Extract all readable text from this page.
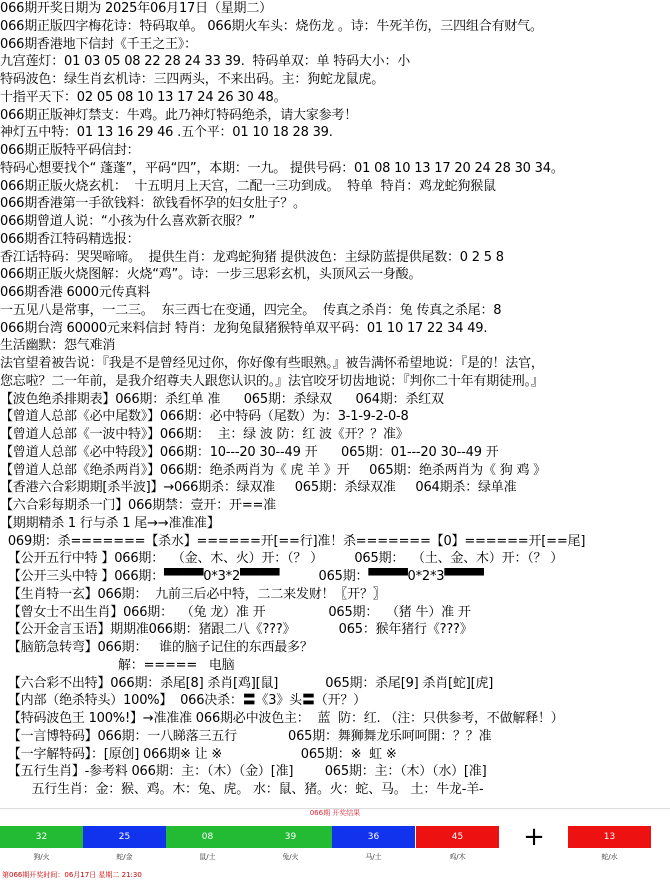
066期开奖日期为 2025年06月17日（星期二）
066期正版四字梅花诗：特码取单。 066期火车头：烧伤龙 。诗：牛死羊伤，三四组合有财气。
066期香港地下信封《千王之王》：
九宫莲灯：01 03 05 08 22 28 24 33 39.  特码单双：单 特码大小：小
特码波色：绿生肖玄机诗：三四两头，不来出码。主：狗蛇龙鼠虎。
十指平天下：02 05 08 10 13 17 24 26 30 48。
066期正版神灯禁支：牛鸡。此乃神灯特码绝杀，请大家参考！
神灯五中特：01 13 16 29 46 .五个平：01 10 18 28 39.
066期正版特平码信封：
特码心想要找个“ 蓬蓬”，平码“四”，本期：一九。 提供号码：01 08 10 13 17 20 24 28 30 34。
066期正版火烧玄机：  十五明月上天宫，二配一三功到成。  特单  特肖：鸡龙蛇狗猴鼠
066期香港第一手欲钱料：欲钱看怀孕的妇女肚子？。
066期曾道人说：“小孩为什么喜欢新衣服？”
066期香江特码精选报：
香江话特码：哭哭啼啼。  提供生肖：龙鸡蛇狗猪 提供波色：主绿防蓝提供尾数：0 2 5 8
066期正版火烧图解：火烧“鸡”。诗：一步三思彩玄机，头顶风云一身酸。
066期香港 6000元传真料
一五见八是常事，一二三。  东三西七在变通，四完全。  传真之杀肖：兔 传真之杀尾：8
066期台湾 60000元来料信封 特肖：龙狗兔鼠猪猴特单双平码：01 10 17 22 34 49.
生活幽默：怨气难消
法官望着被告说：『我是不是曾经见过你，你好像有些眼熟。』被告满怀希望地说：『是的！法官，
您忘啦？二一年前，是我介绍尊夫人跟您认识的。』法官咬牙切齿地说：『判你二十年有期徒刑。』
【波色绝杀排期表】066期：杀红单 准      065期：杀绿双      064期：杀红双
【曾道人总部《必中尾数》】066期：必中特码（尾数）为：3-1-9-2-0-8
【曾道人总部《一波中特》】066期：  主：绿 波 防：红 波《开？？准》
【曾道人总部《必中特段》】066期：10---20 30--49 开      065期：01---20 30--49 开
【曾道人总部《绝杀两肖》】066期：绝杀两肖为《 虎 羊 》开     065期：绝杀两肖为《 狗 鸡 》
【香港六合彩期期[杀半波]】→066期杀：绿双准     065期：杀绿双准     064期杀：绿单准
【六合彩每期杀一门】066期禁：壹开：开==准
【期期精杀 1 行与杀 1 尾→→准准准】
069期：杀=======【杀水】======开[==行]准！杀=======【0】======开[==尾]
【公开五行中特 】066期：  （金、木、火）开：（？ ）        065期：  （土、金、木）开：（？ ）
【公开三头中特 】066期：▀▀▀▀0*3*2▀▀▀▀          065期：▀▀▀▀0*2*3▀▀▀▀
【生肖特一玄】066期：  九前三后必中特，二二来发财！〖开？〗
【曾女士不出生肖】066期：  （兔 龙）准 开                065期：  （猪 牛）准 开
【公开金言玉语】期期准066期：猪跟二八《???》           065：猴年猪行《???》
【脑筋急转弯】066期：   谁的脑子记住的东西最多？
解：=====   电脑
【六合彩不出特】066期：杀尾[8] 杀肖[鸡][鼠]            065期：杀尾[9] 杀肖[蛇][虎]
【内部（绝杀特头）100%】  066决杀：〓《3》头〓（开？）
【特码波色王 100%!】→准准准 066期必中波色主：  蓝  防：红. （注：只供参考，不做解释！）
【一言博特码】066期：一八睇落三五行             065期：舞狮舞龙乐呵呵開：？？准
【一字解特码】：[原创] 066期※ 让 ※                    065期：※  虹 ※
【五行生肖】-参考料 066期：主：（木）（金）[准]        065期：主：（木）（水）[准]
五行生肖：金：猴、鸡。木：兔、虎。 水：鼠、猪。火：蛇、马。 土：牛龙-羊-
066期 开奖结果
32	25	08	39	36	45	13
+
狗/火	蛇/金	鼠/土	兔/火	马/土	鸡/木	蛇/水
第066期开奖时间：06月17日 星期二 21:30
